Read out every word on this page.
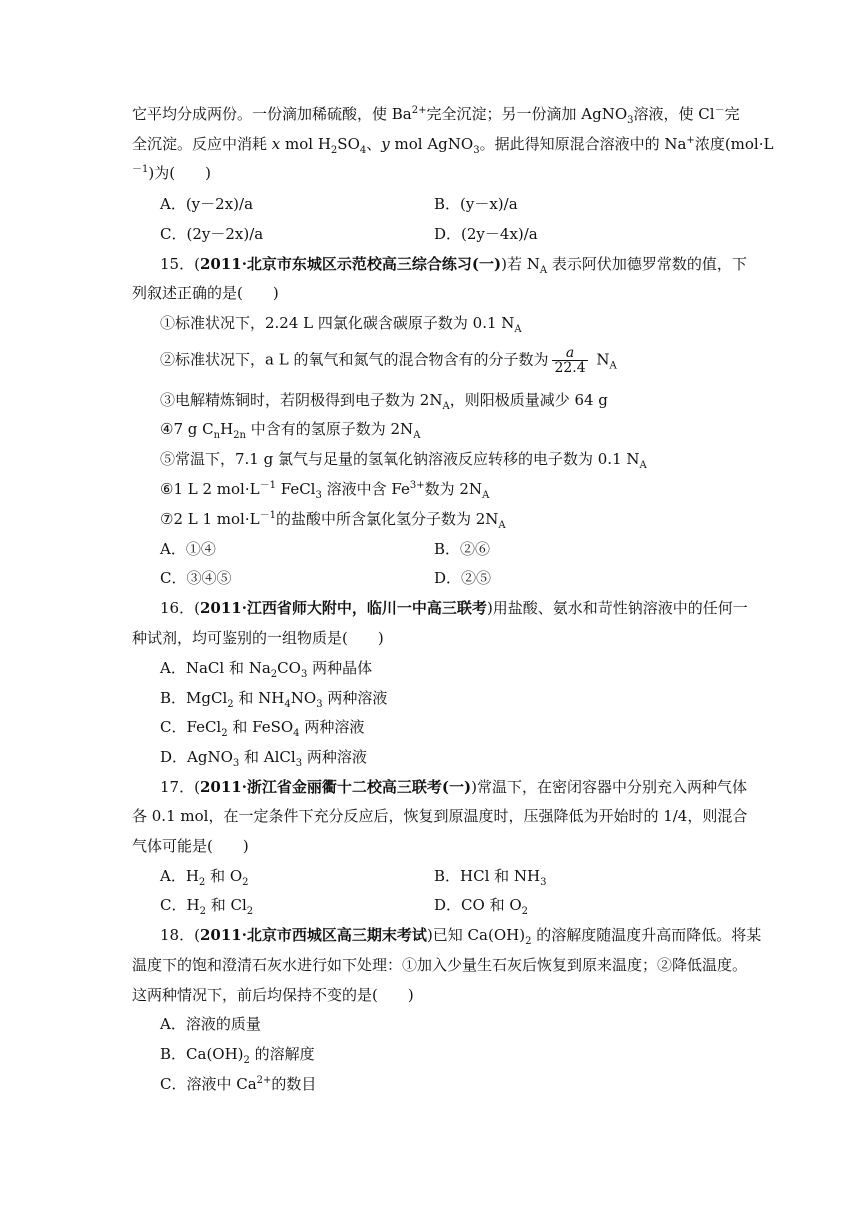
它平均分成两份。一份滴加稀硫酸，使 $Ba^{2+}$完全沉淀；另一份滴加 AgNO$_3$溶液，使 Cl－完
全沉淀。反应中消耗 x mol $H_2SO_4$、y mol AgNO$_3$。据此得知原混合溶液中的 Na+浓度(mol·L
$^{-1}$)为(　　)
A．(y－2x)/a	B．(y－x)/a
C．(2y－2x)/a	D．(2y－4x)/a
15．(2011·北京市东城区示范校高三综合练习(一))若 $N_A$ 表示阿伏加德罗常数的值，下
列叙述正确的是(　　)
①标准状况下，2.24 L 四氯化碳含碳原子数为 0.1 $N_A$
②标准状况下，a L 的氧气和氮气的混合物含有的分子数为 $\frac{a}{22.4} N_A$
③电解精炼铜时，若阴极得到电子数为 $2N_A$，则阳极质量减少 64 g
④7 g $C_nH_{2n}$ 中含有的氢原子数为 $2N_A$
⑤常温下，7.1 g 氯气与足量的氢氧化钠溶液反应转移的电子数为 0.1 $N_A$
⑥1 L 2 $mol\cdot L^{-1}$ FeCl$_3$ 溶液中含 $Fe^{3+}$数为 $2N_A$
⑦2 L 1 $mol\cdot L^{-1}$的盐酸中所含氯化氢分子数为 $2N_A$
A．①④	B．②⑥
C．③④⑤	D．②⑤
16．(2011·江西省师大附中，临川一中高三联考)用盐酸、氨水和苛性钠溶液中的任何一
种试剂，均可鉴别的一组物质是(　　)
A．NaCl 和 $Na_2CO_3$ 两种晶体
B．MgCl$_2$ 和 $NH_4NO_3$ 两种溶液
C．FeCl$_2$ 和 FeSO$_4$ 两种溶液
D．AgNO$_3$ 和 AlCl$_3$ 两种溶液
17．(2011·浙江省金丽衢十二校高三联考(一))常温下，在密闭容器中分别充入两种气体
各 0.1 mol，在一定条件下充分反应后，恢复到原温度时，压强降低为开始时的 1/4，则混合
气体可能是(　　)
A．$H_2$ 和 $O_2$	B．HCl 和 $NH_3$
C．$H_2$ 和 $Cl_2$	D．CO 和 $O_2$
18．(2011·北京市西城区高三期末考试)已知 $Ca(OH)_2$ 的溶解度随温度升高而降低。将某
温度下的饱和澄清石灰水进行如下处理：①加入少量生石灰后恢复到原来温度；②降低温度。
这两种情况下，前后均保持不变的是(　　)
A．溶液的质量
B．$Ca(OH)_2$ 的溶解度
C．溶液中 $Ca^{2+}$的数目
